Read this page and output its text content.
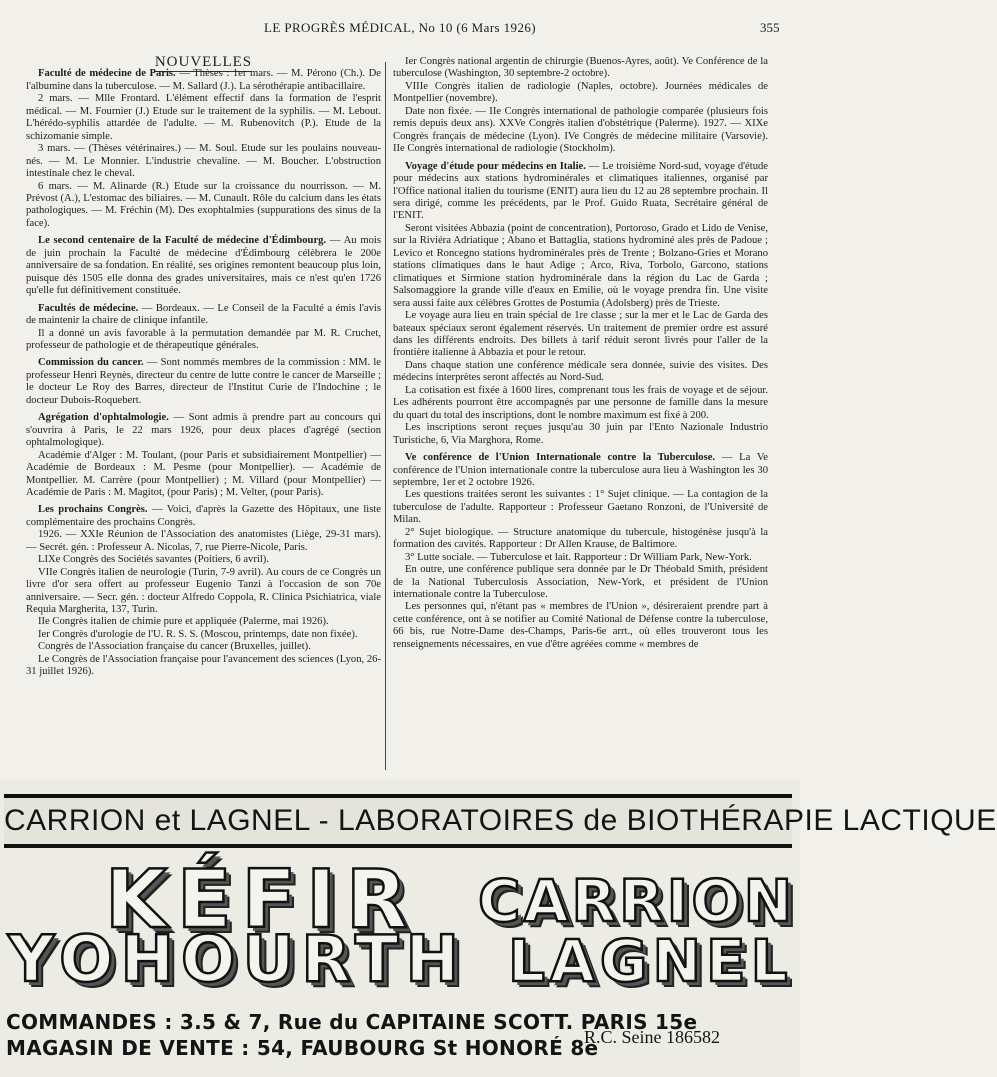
LE PROGRÈS MÉDICAL, No 10 (6 Mars 1926)	355

NOUVELLES

Faculté de médecine de Paris. — Thèses : 1er mars. — M. Pérono (Ch.). De l'albumine dans la tuberculose. — M. Sallard (J.). La sérothérapie antibacillaire.

2 mars. — Mlle Frontard. L'élément effectif dans la formation de l'esprit médical. — M. Fournier (J.) Etude sur le traitement de la syphilis. — M. Lebout. L'hérédo-syphilis attardée de l'adulte. — M. Rubenovitch (P.). Etude de la schizomanie simple.

3 mars. — (Thèses vétérinaires.) — M. Soul. Etude sur les poulains nouveau-nés. — M. Le Monnier. L'industrie chevaline. — M. Boucher. L'obstruction intestinale chez le cheval.

6 mars. — M. Alinarde (R.) Etude sur la croissance du nourrisson. — M. Prévost (A.), L'estomac des biliaires. — M. Cunault. Rôle du calcium dans les états pathologiques. — M. Fréchin (M). Des exophtalmies (suppurations des sinus de la face).

Le second centenaire de la Faculté de médecine d'Édimbourg. — Au mois de juin prochain la Faculté de médecine d'Édimbourg célèbrera le 200e anniversaire de sa fondation. En réalité, ses origines remontent beaucoup plus loin, puisque dès 1505 elle donna des grades universitaires, mais ce n'est qu'en 1726 qu'elle fut définitivement constituée.

Facultés de médecine. — Bordeaux. — Le Conseil de la Faculté a émis l'avis de maintenir la chaire de clinique infantile.

Il a donné un avis favorable à la permutation demandée par M. R. Cruchet, professeur de pathologie et de thérapeutique générales.

Commission du cancer. — Sont nommés membres de la commission : MM. le professeur Henri Reynès, directeur du centre de lutte contre le cancer de Marseille ; le docteur Le Roy des Barres, directeur de l'Institut Curie de l'Indochine ; le docteur Dubois-Roquebert.

Agrégation d'ophtalmologie. — Sont admis à prendre part au concours qui s'ouvrira à Paris, le 22 mars 1926, pour deux places d'agrégé (section ophtalmologique).

Académie d'Alger : M. Toulant, (pour Paris et subsidiairement Montpellier) — Académie de Bordeaux : M. Pesme (pour Montpellier). — Académie de Montpellier. M. Carrère (pour Montpellier) ; M. Villard (pour Montpellier) — Académie de Paris : M. Magitot, (pour Paris) ; M. Velter, (pour Paris).

Les prochains Congrès. — Voici, d'après la Gazette des Hôpitaux, une liste complémentaire des prochains Congrès.

1926. — XXIe Réunion de l'Association des anatomistes (Liège, 29-31 mars). — Secrét. gén. : Professeur A. Nicolas, 7, rue Pierre-Nicole, Paris.

LIXe Congrès des Sociétés savantes (Poitiers, 6 avril).

VIIe Congrès italien de neurologie (Turin, 7-9 avril). Au cours de ce Congrès un livre d'or sera offert au professeur Eugenio Tanzi à l'occasion de son 70e anniversaire. — Secr. gén. : docteur Alfredo Coppola, R. Clinica Psichiatrica, viale Requia Margherita, 137, Turin.

IIe Congrès italien de chimie pure et appliquée (Palerme, mai 1926).

Ier Congrès d'urologie de l'U. R. S. S. (Moscou, printemps, date non fixée).

Congrès de l'Association française du cancer (Bruxelles, juillet).

Le Congrès de l'Association française pour l'avancement des sciences (Lyon, 26-31 juillet 1926).

Ier Congrès national argentin de chirurgie (Buenos-Ayres, août). Ve Conférence de la tuberculose (Washington, 30 septembre-2 octobre).

VIIIe Congrès italien de radiologie (Naples, octobre). Journées médicales de Montpellier (novembre).

Date non fixée. — IIe Congrès international de pathologie comparée (plusieurs fois remis depuis deux ans). XXVe Congrès italien d'obstétrique (Palerme). 1927. — XIXe Congrès français de médecine (Lyon). IVe Congrès de médecine militaire (Varsovie). IIe Congrès international de radiologie (Stockholm).

Voyage d'étude pour médecins en Italie. — Le troisième Nord-sud, voyage d'étude pour médecins aux stations hydrominérales et climatiques italiennes, organisé par l'Office national italien du tourisme (ENIT) aura lieu du 12 au 28 septembre prochain. Il sera dirigé, comme les précédents, par le Prof. Guido Ruata, Secrétaire général de l'ENIT.

Seront visitées Abbazia (point de concentration), Portoroso, Grado et Lido de Venise, sur la Riviéra Adriatique ; Abano et Battaglia, stations hydrominé ales près de Padoue ; Levico et Roncegno stations hydrominérales près de Trente ; Bolzano-Gries et Morano stations climatiques dans le haut Adige ; Arco, Riva, Torbolo, Garcono, stations climatiques et Sirmione station hydrominérale dans la région du Lac de Garda ; Salsomaggiore la grande ville d'eaux en Emilie, où le voyage prendra fin. Une visite sera aussi faite aux célèbres Grottes de Postumia (Adolsberg) près de Trieste.

Le voyage aura lieu en train spécial de 1re classe ; sur la mer et le Lac de Garda des bateaux spéciaux seront également réservés. Un traitement de premier ordre est assuré dans les différents endroits. Des billets à tarif réduit seront livrés pour l'aller de la frontière italienne à Abbazia et pour le retour.

Dans chaque station une conférence médicale sera donnée, suivie des visites. Des médecins interprètes seront affectés au Nord-Sud.

La cotisation est fixée à 1600 lires, comprenant tous les frais de voyage et de séjour. Les adhérents pourront être accompagnés par une personne de famille dans la mesure du quart du total des inscriptions, dont le nombre maximum est fixé à 200.

Les inscriptions seront reçues jusqu'au 30 juin par l'Ento Nazionale Industrio Turistiche, 6, Via Marghora, Rome.

Ve conférence de l'Union Internationale contre la Tuberculose. — La Ve conférence de l'Union internationale contre la tuberculose aura lieu à Washington les 30 septembre, 1er et 2 octobre 1926.

Les questions traitées seront les suivantes : 1° Sujet clinique. — La contagion de la tuberculose de l'adulte. Rapporteur : Professeur Gaetano Ronzoni, de l'Université de Milan.

2° Sujet biologique. — Structure anatomique du tubercule, histogénèse jusqu'à la formation des cavités. Rapporteur : Dr Allen Krause, de Baltimore.

3° Lutte sociale. — Tuberculose et lait. Rapporteur : Dr William Park, New-York.

En outre, une conférence publique sera donnée par le Dr Théobald Smith, président de la National Tuberculosis Association, New-York, et président de l'Union internationale contre la Tuberculose.

Les personnes qui, n'étant pas « membres de l'Union », désireraient prendre part à cette conférence, ont à se notifier au Comité National de Défense contre la tuberculose, 66 bis, rue Notre-Dame des-Champs, Paris-6e arrt., où elles trouveront tous les renseignements nécessaires, en vue d'être agréées comme « membres de

CARRION et LAGNEL - LABORATOIRES de BIOTHÉRAPIE LACTIQUE
KÉFIR
YOHOURTH
CARRION
LAGNEL
COMMANDES : 3.5 & 7, Rue du CAPITAINE SCOTT. PARIS 15e
MAGASIN DE VENTE : 54, FAUBOURG St HONORÉ 8e
R.C. Seine 186582
